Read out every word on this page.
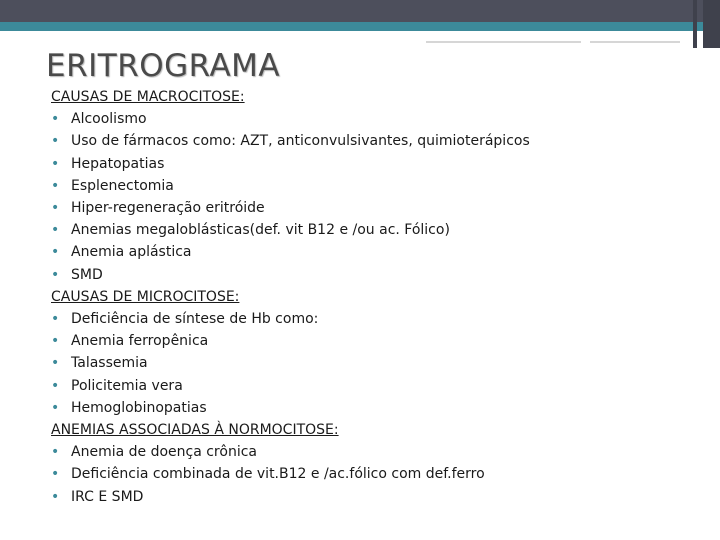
ERITROGRAMA
CAUSAS DE MACROCITOSE:
• Alcoolismo
• Uso de fármacos como: AZT, anticonvulsivantes, quimioterápicos
• Hepatopatias
• Esplenectomia
• Hiper-regeneração eritróide
• Anemias megaloblásticas(def. vit B12 e /ou ac. Fólico)
• Anemia aplástica
• SMD
CAUSAS DE MICROCITOSE:
• Deficiência de síntese de Hb como:
• Anemia ferropênica
• Talassemia
• Policitemia vera
• Hemoglobinopatias
ANEMIAS ASSOCIADAS À NORMOCITOSE:
• Anemia de doença crônica
• Deficiência combinada de vit.B12 e /ac.fólico com def.ferro
• IRC E SMD
